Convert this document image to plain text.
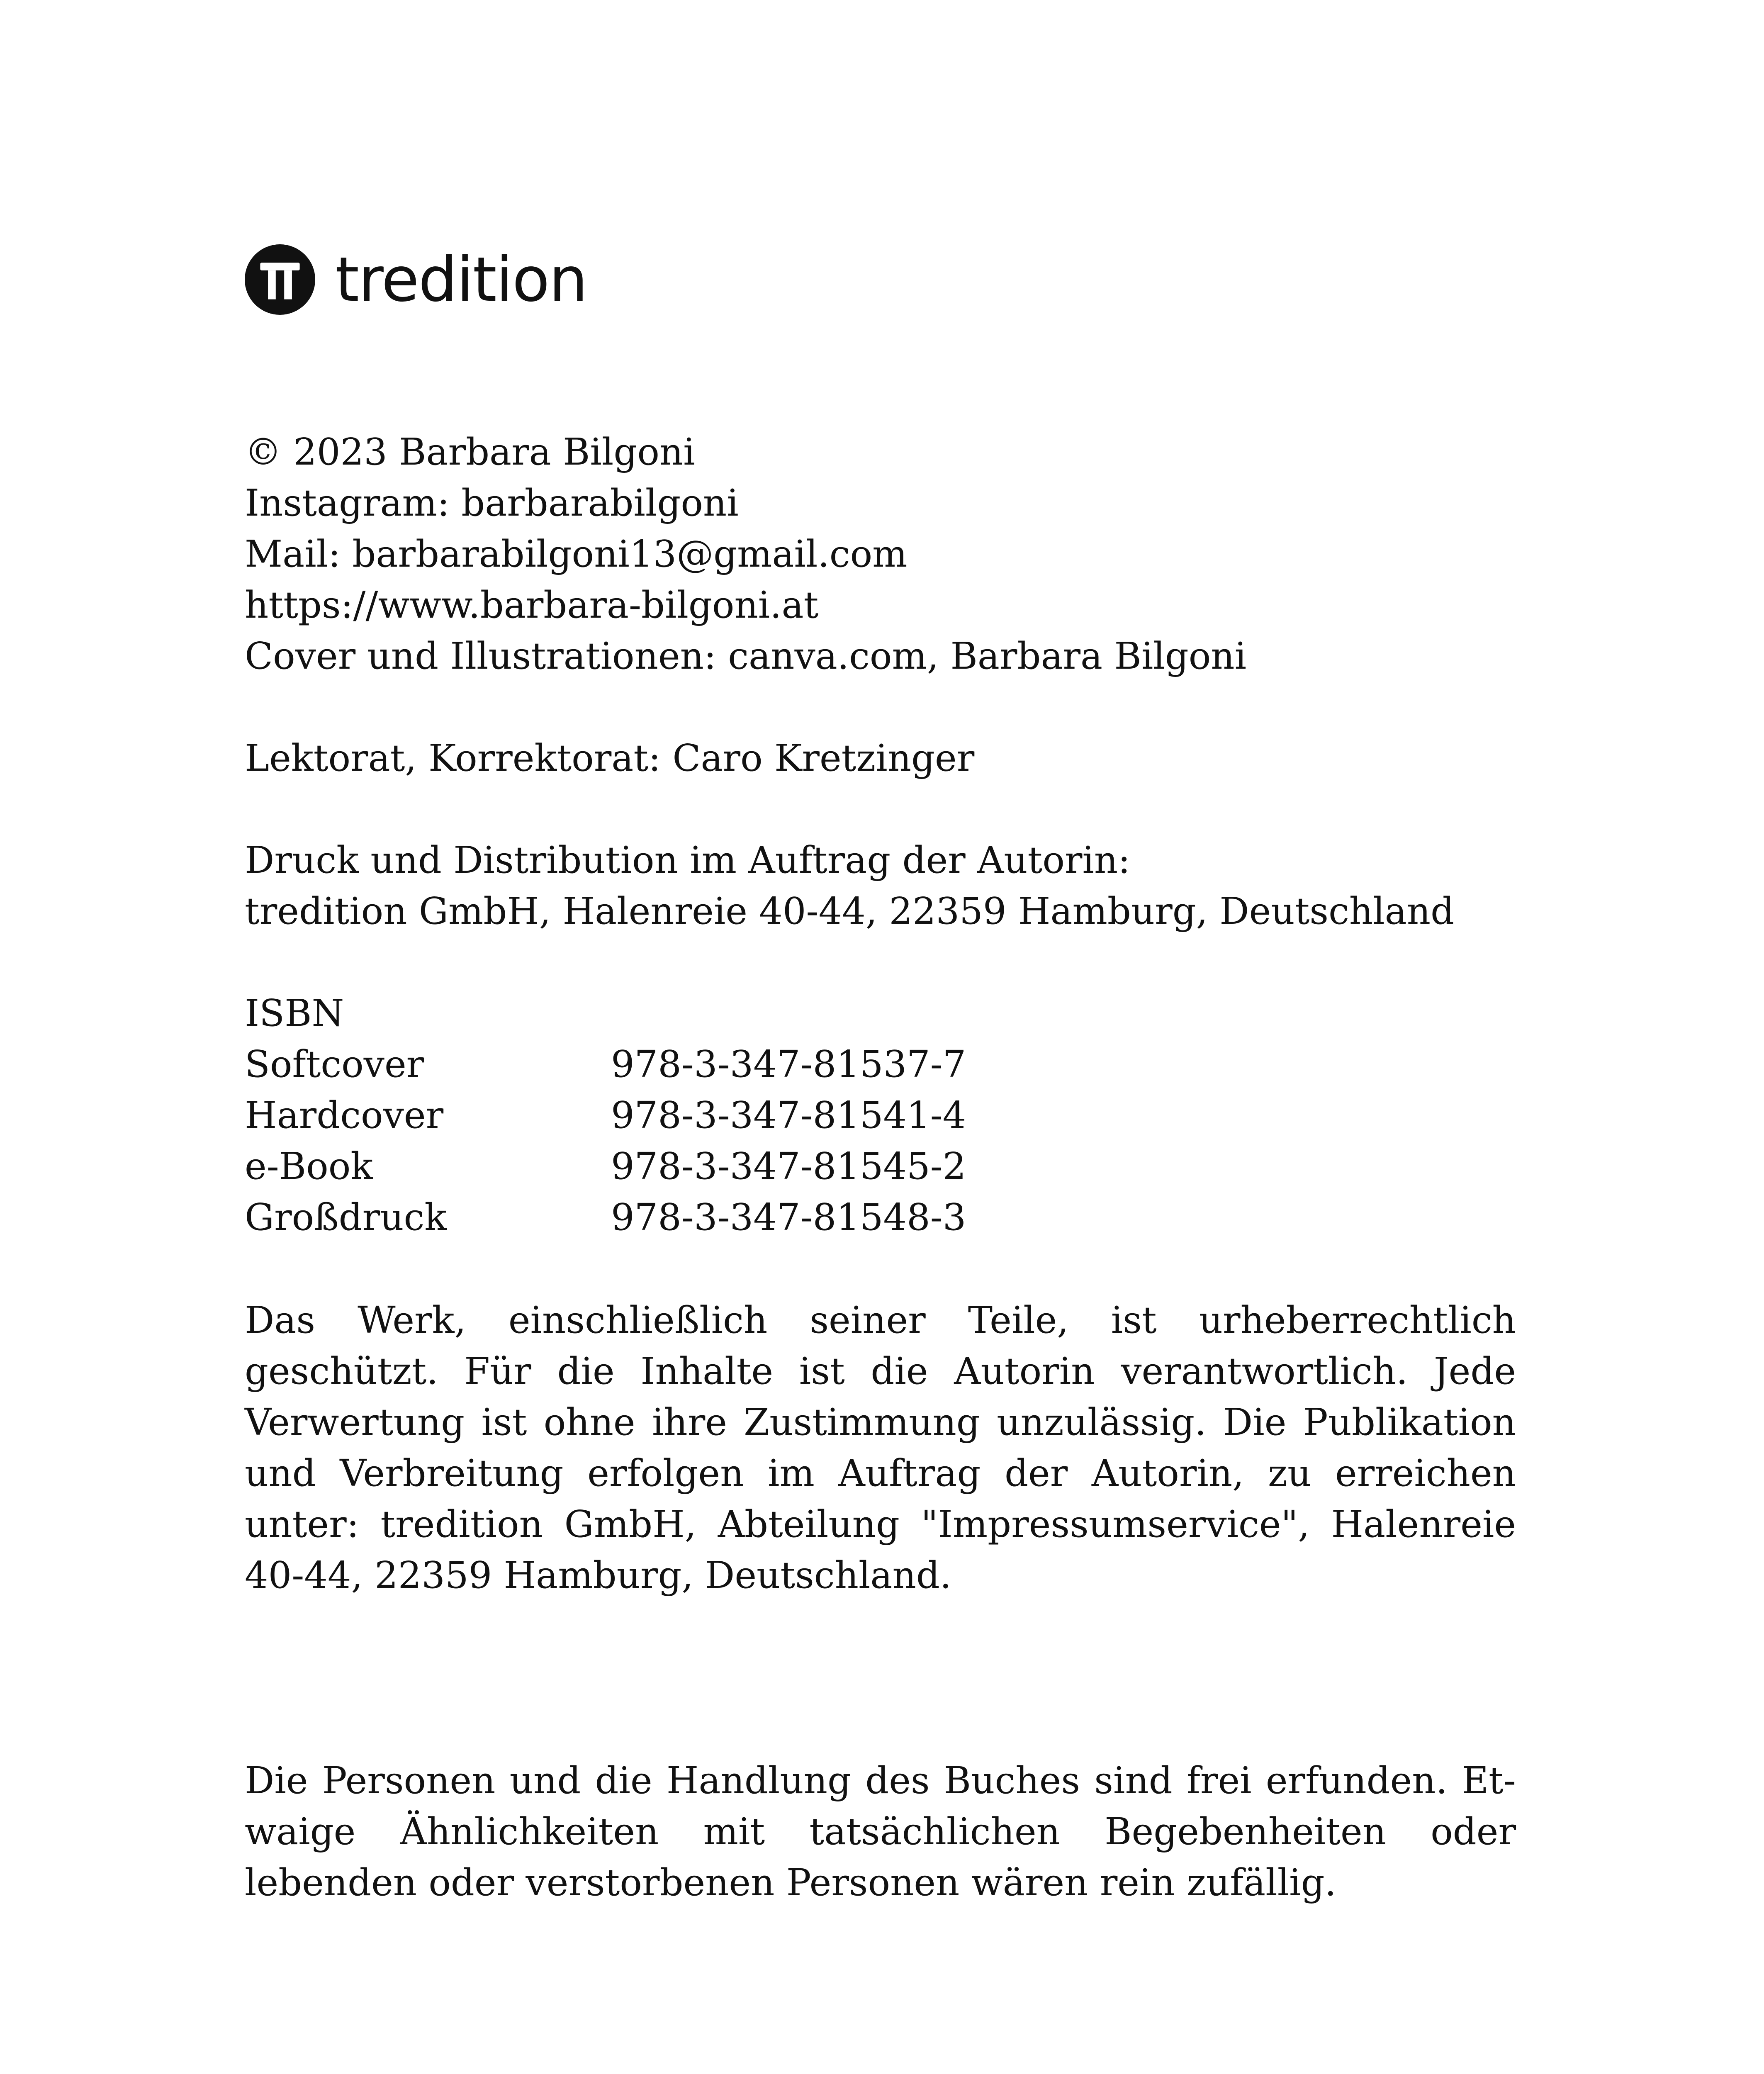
tredition
© 2023 Barbara Bilgoni
Instagram: barbarabilgoni
Mail: barbarabilgoni13@gmail.com
https://www.barbara-bilgoni.at
Cover und Illustrationen: canva.com, Barbara Bilgoni
Lektorat, Korrektorat: Caro Kretzinger
Druck und Distribution im Auftrag der Autorin:
tredition GmbH, Halenreie 40-44, 22359 Hamburg, Deutschland
ISBN
Softcover	978-3-347-81537-7
Hardcover	978-3-347-81541-4
e-Book	978-3-347-81545-2
Großdruck	978-3-347-81548-3

Das Werk, einschließlich seiner Teile, ist urheberrechtlich geschützt. Für die Inhalte ist die Autorin verantwortlich. Jede Verwertung ist ohne ihre Zustimmung unzulässig. Die Publikation und Verbreitung erfolgen im Auftrag der Autorin, zu erreichen unter: tredition GmbH, Abteilung "Impressumservice", Halenreie 40-44, 22359 Hamburg, Deutschland.

Die Personen und die Handlung des Buches sind frei erfunden. Etwaige Ähnlichkeiten mit tatsächlichen Begebenheiten oder lebenden oder verstorbenen Personen wären rein zufällig.
